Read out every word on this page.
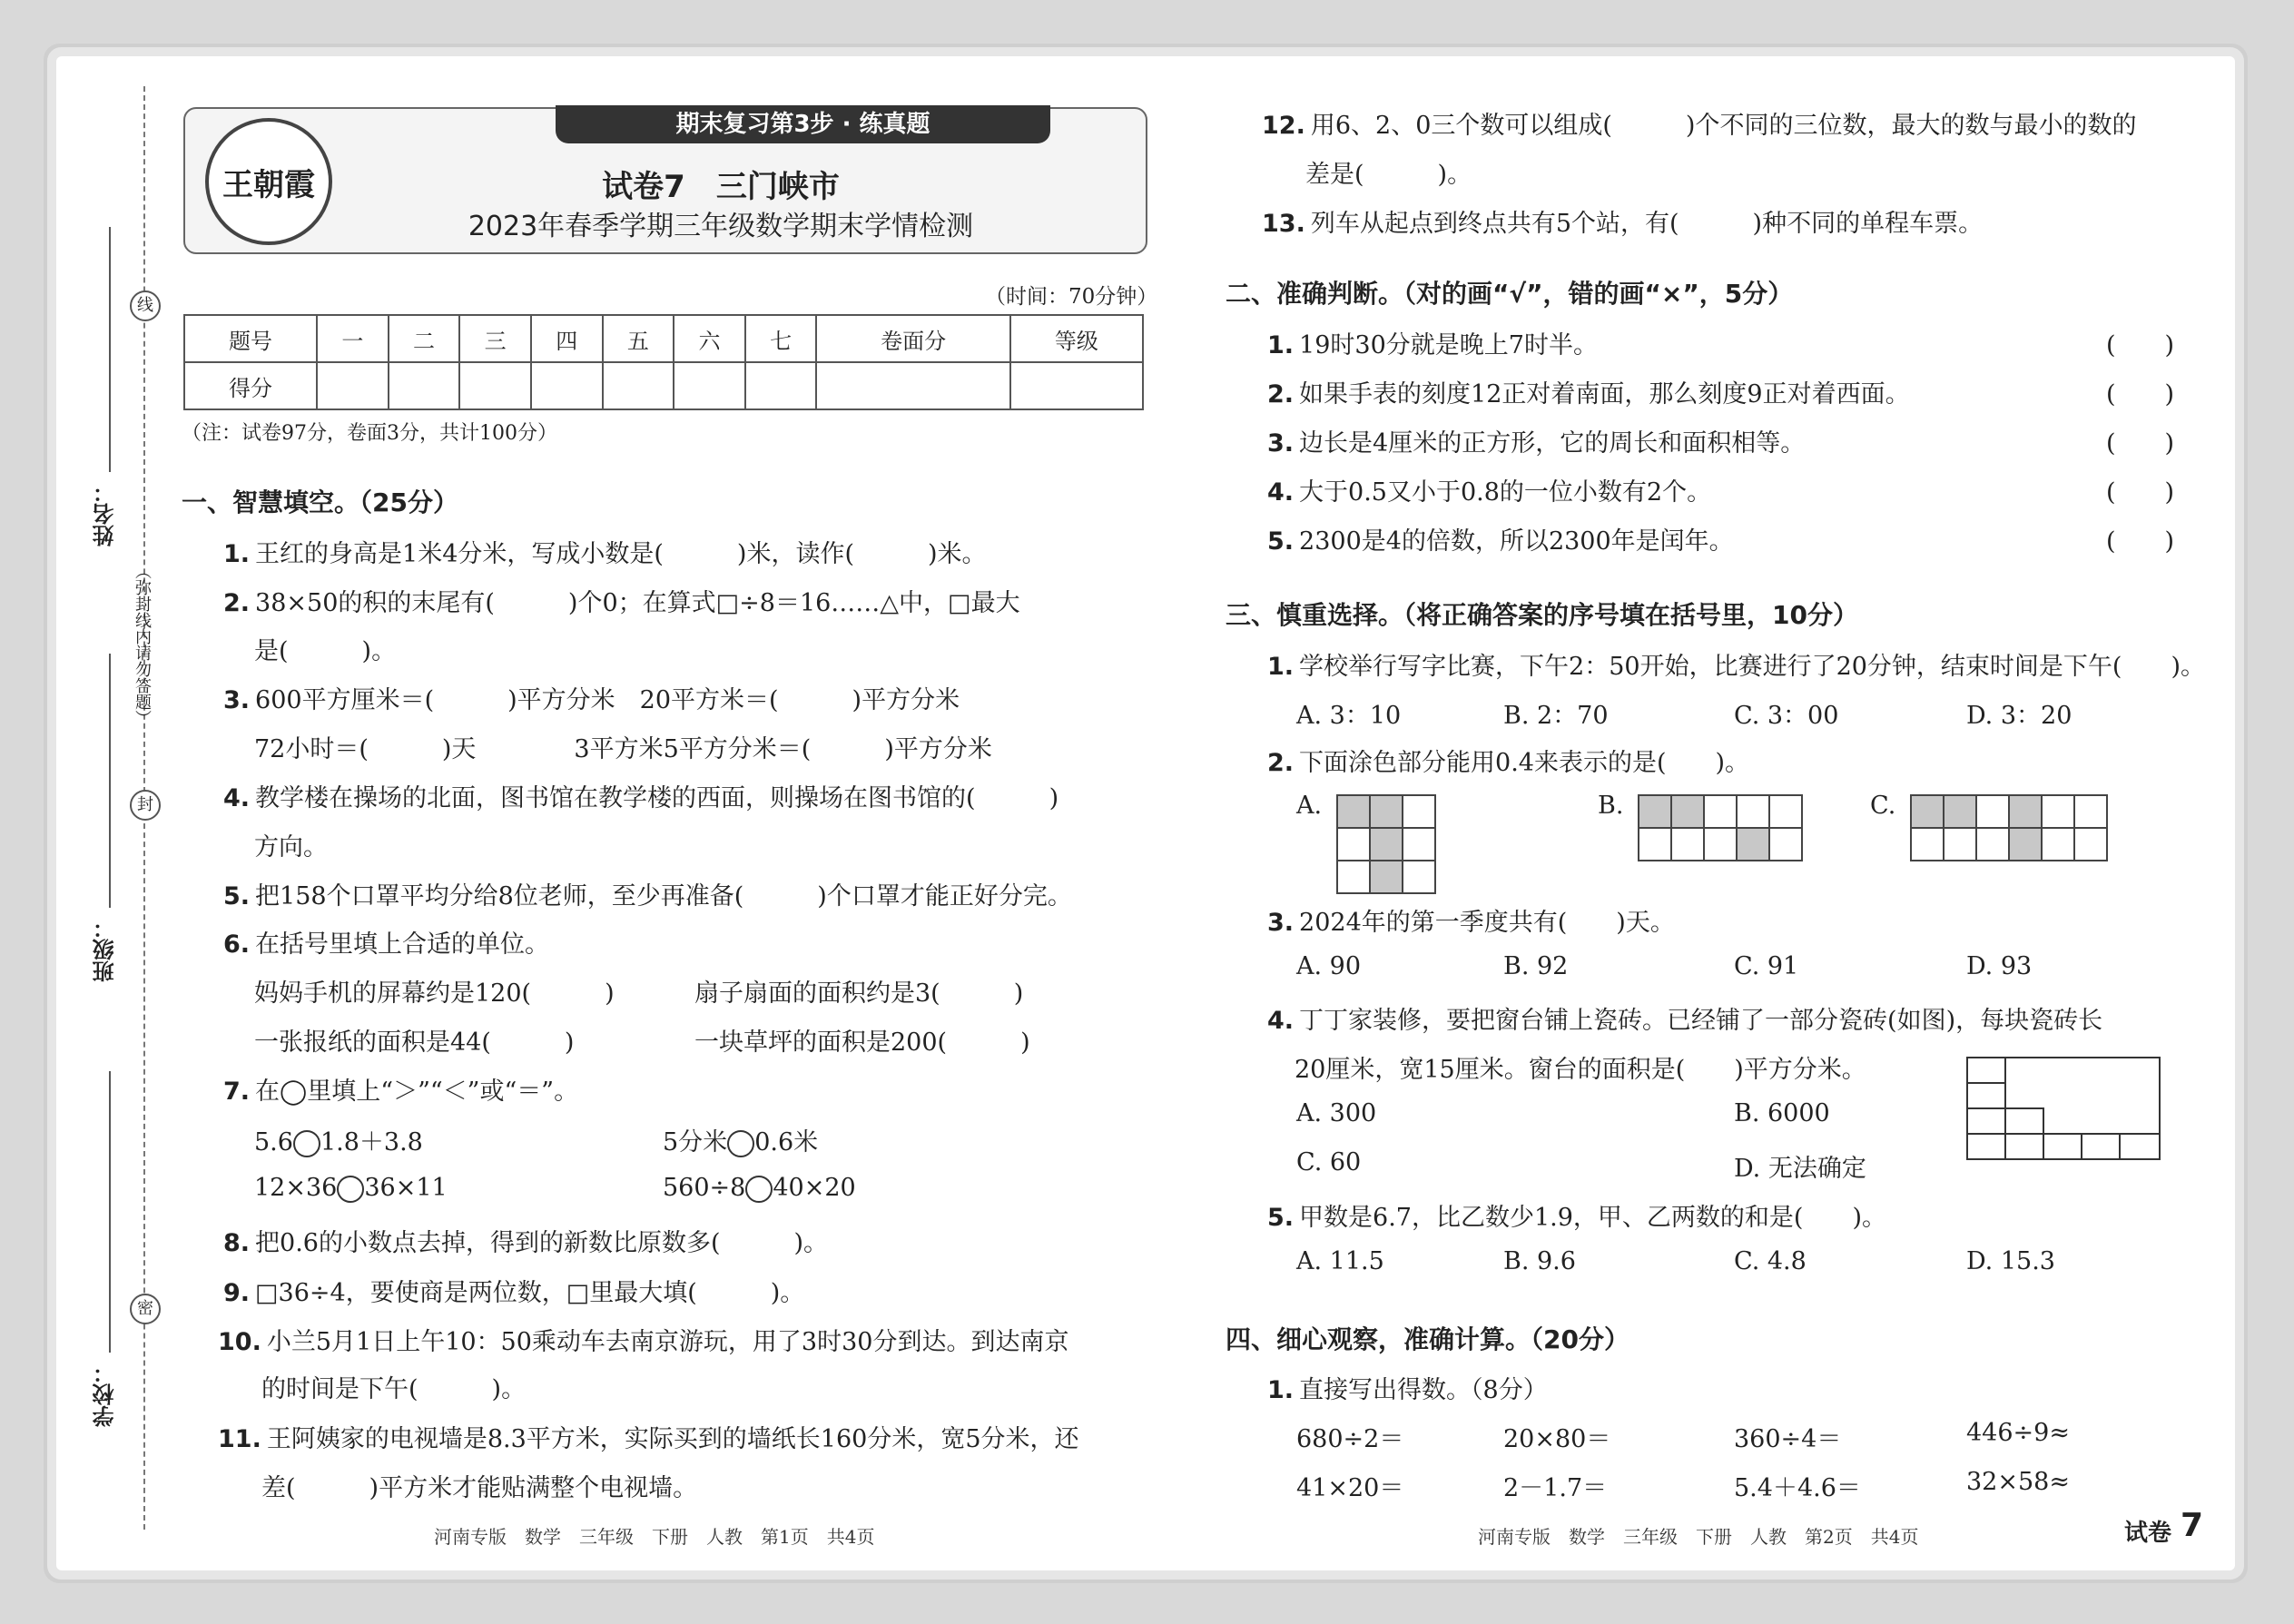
姓名：
班级：
学校：
线
封
密
（弥封线内请勿答题）
期末复习第3步 · 练真题
王朝霞	试卷7　三门峡市
2023年春季学期三年级数学期末学情检测
（时间：70分钟）
题号	一	二	三	四	五	六	七	卷面分	等级
得分									
（注：试卷97分，卷面3分，共计100分）
一、智慧填空。（25分）
1. 王红的身高是1米4分米，写成小数是(　　　)米，读作(　　　)米。
2. 38×50的积的末尾有(　　　)个0；在算式□÷8＝16……△中，□最大
是(　　　)。
3. 600平方厘米＝(　　　)平方分米　20平方米＝(　　　)平方分米
72小时＝(　　　)天　　　　3平方米5平方分米＝(　　　)平方分米
4. 教学楼在操场的北面，图书馆在教学楼的西面，则操场在图书馆的(　　　)
方向。
5. 把158个口罩平均分给8位老师，至少再准备(　　　)个口罩才能正好分完。
6. 在括号里填上合适的单位。
妈妈手机的屏幕约是120(　　　)	扇子扇面的面积约是3(　　　)
一张报纸的面积是44(　　　)	一块草坪的面积是200(　　　)
7. 在◯里填上“＞”“＜”或“＝”。
5.6 1.8＋3.8	5分米 0.6米
12×36 36×11	560÷8 40×20
8. 把0.6的小数点去掉，得到的新数比原数多(　　　)。
9. □36÷4，要使商是两位数，□里最大填(　　　)。
10. 小兰5月1日上午10：50乘动车去南京游玩，用了3时30分到达。到达南京
的时间是下午(　　　)。
11. 王阿姨家的电视墙是8.3平方米，实际买到的墙纸长160分米，宽5分米，还
差(　　　)平方米才能贴满整个电视墙。
12. 用6、2、0三个数可以组成(　　　)个不同的三位数，最大的数与最小的数的
差是(　　　)。
13. 列车从起点到终点共有5个站，有(　　　)种不同的单程车票。
二、准确判断。（对的画“√”，错的画“×”，5分）
1. 19时30分就是晚上7时半。	(　　)
2. 如果手表的刻度12正对着南面，那么刻度9正对着西面。	(　　)
3. 边长是4厘米的正方形，它的周长和面积相等。	(　　)
4. 大于0.5又小于0.8的一位小数有2个。	(　　)
5. 2300是4的倍数，所以2300年是闰年。	(　　)
三、慎重选择。（将正确答案的序号填在括号里，10分）
1. 学校举行写字比赛，下午2：50开始，比赛进行了20分钟，结束时间是下午(　　)。
A. 3：10	B. 2：70	C. 3：00	D. 3：20
2. 下面涂色部分能用0.4来表示的是(　　)。
A.

			B.

					C.

3. 2024年的第一季度共有(　　)天。
A. 90	B. 92	C. 91	D. 93
4. 丁丁家装修，要把窗台铺上瓷砖。已经铺了一部分瓷砖(如图)，每块瓷砖长
20厘米，宽15厘米。窗台的面积是(　　)平方分米。
A. 300	B. 6000
C. 60	D. 无法确定
5. 甲数是6.7，比乙数少1.9，甲、乙两数的和是(　　)。
A. 11.5	B. 9.6	C. 4.8	D. 15.3
四、细心观察，准确计算。（20分）
1. 直接写出得数。（8分）
680÷2＝	20×80＝	360÷4＝	446÷9≈
41×20＝	2－1.7＝	5.4＋4.6＝	32×58≈
河南专版　数学　三年级　下册　人教　第1页　共4页	河南专版　数学　三年级　下册　人教　第2页　共4页	试卷 7
